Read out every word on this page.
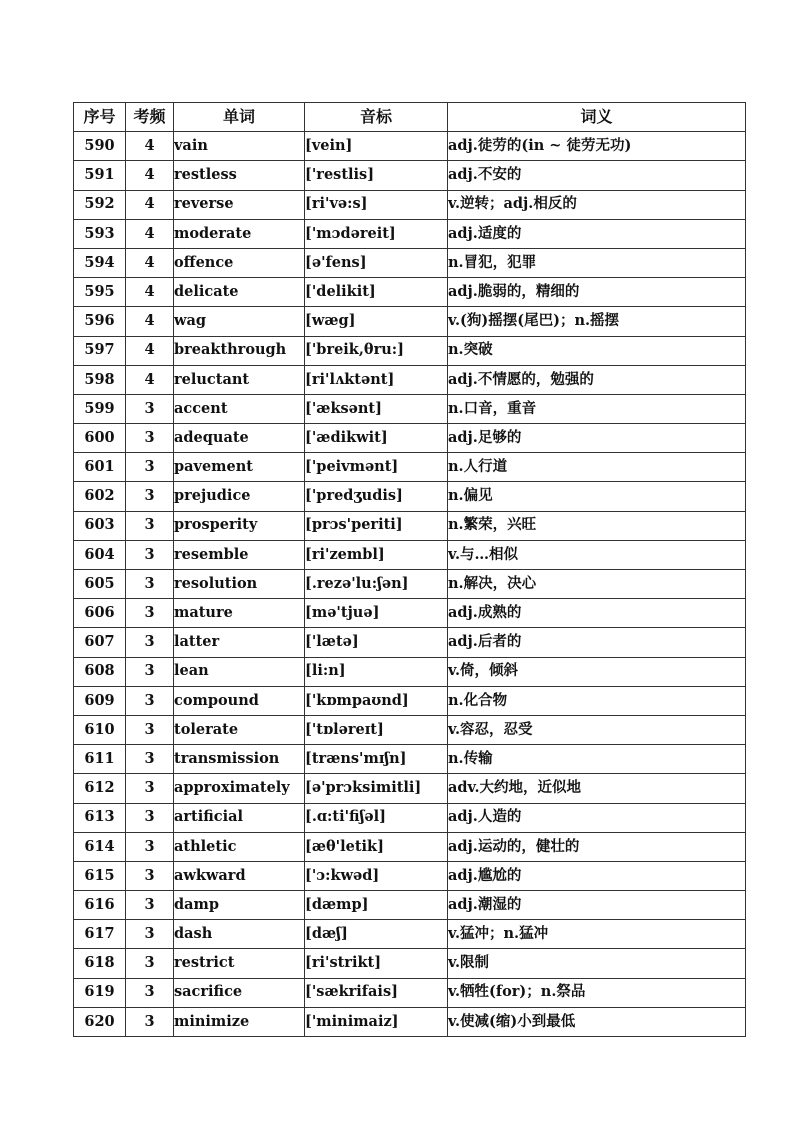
序号	考频	单词	音标	词义
590	4	vain	[vein]	adj.徒劳的(in ~ 徒劳无功)
591	4	restless	['restlis]	adj.不安的
592	4	reverse	[ri'və:s]	v.逆转；adj.相反的
593	4	moderate	['mɔdəreit]	adj.适度的
594	4	offence	[ə'fens]	n.冒犯，犯罪
595	4	delicate	['delikit]	adj.脆弱的，精细的
596	4	wag	[wæg]	v.(狗)摇摆(尾巴)；n.摇摆
597	4	breakthrough	['breik,θru:]	n.突破
598	4	reluctant	[ri'lʌktənt]	adj.不情愿的，勉强的
599	3	accent	['æksənt]	n.口音，重音
600	3	adequate	['ædikwit]	adj.足够的
601	3	pavement	['peivmənt]	n.人行道
602	3	prejudice	['predʒudis]	n.偏见
603	3	prosperity	[prɔs'periti]	n.繁荣，兴旺
604	3	resemble	[ri'zembl]	v.与…相似
605	3	resolution	[.rezə'lu:ʃən]	n.解决，决心
606	3	mature	[mə'tjuə]	adj.成熟的
607	3	latter	['lætə]	adj.后者的
608	3	lean	[li:n]	v.倚，倾斜
609	3	compound	['kɒmpaʊnd]	n.化合物
610	3	tolerate	['tɒləreɪt]	v.容忍，忍受
611	3	transmission	[træns'mɪʃn]	n.传输
612	3	approximately	[ə'prɔksimitli]	adv.大约地，近似地
613	3	artificial	[.ɑ:ti'fiʃəl]	adj.人造的
614	3	athletic	[æθ'letik]	adj.运动的，健壮的
615	3	awkward	['ɔ:kwəd]	adj.尴尬的
616	3	damp	[dæmp]	adj.潮湿的
617	3	dash	[dæʃ]	v.猛冲；n.猛冲
618	3	restrict	[ri'strikt]	v.限制
619	3	sacrifice	['sækrifais]	v.牺牲(for)；n.祭品
620	3	minimize	['minimaiz]	v.使减(缩)小到最低
